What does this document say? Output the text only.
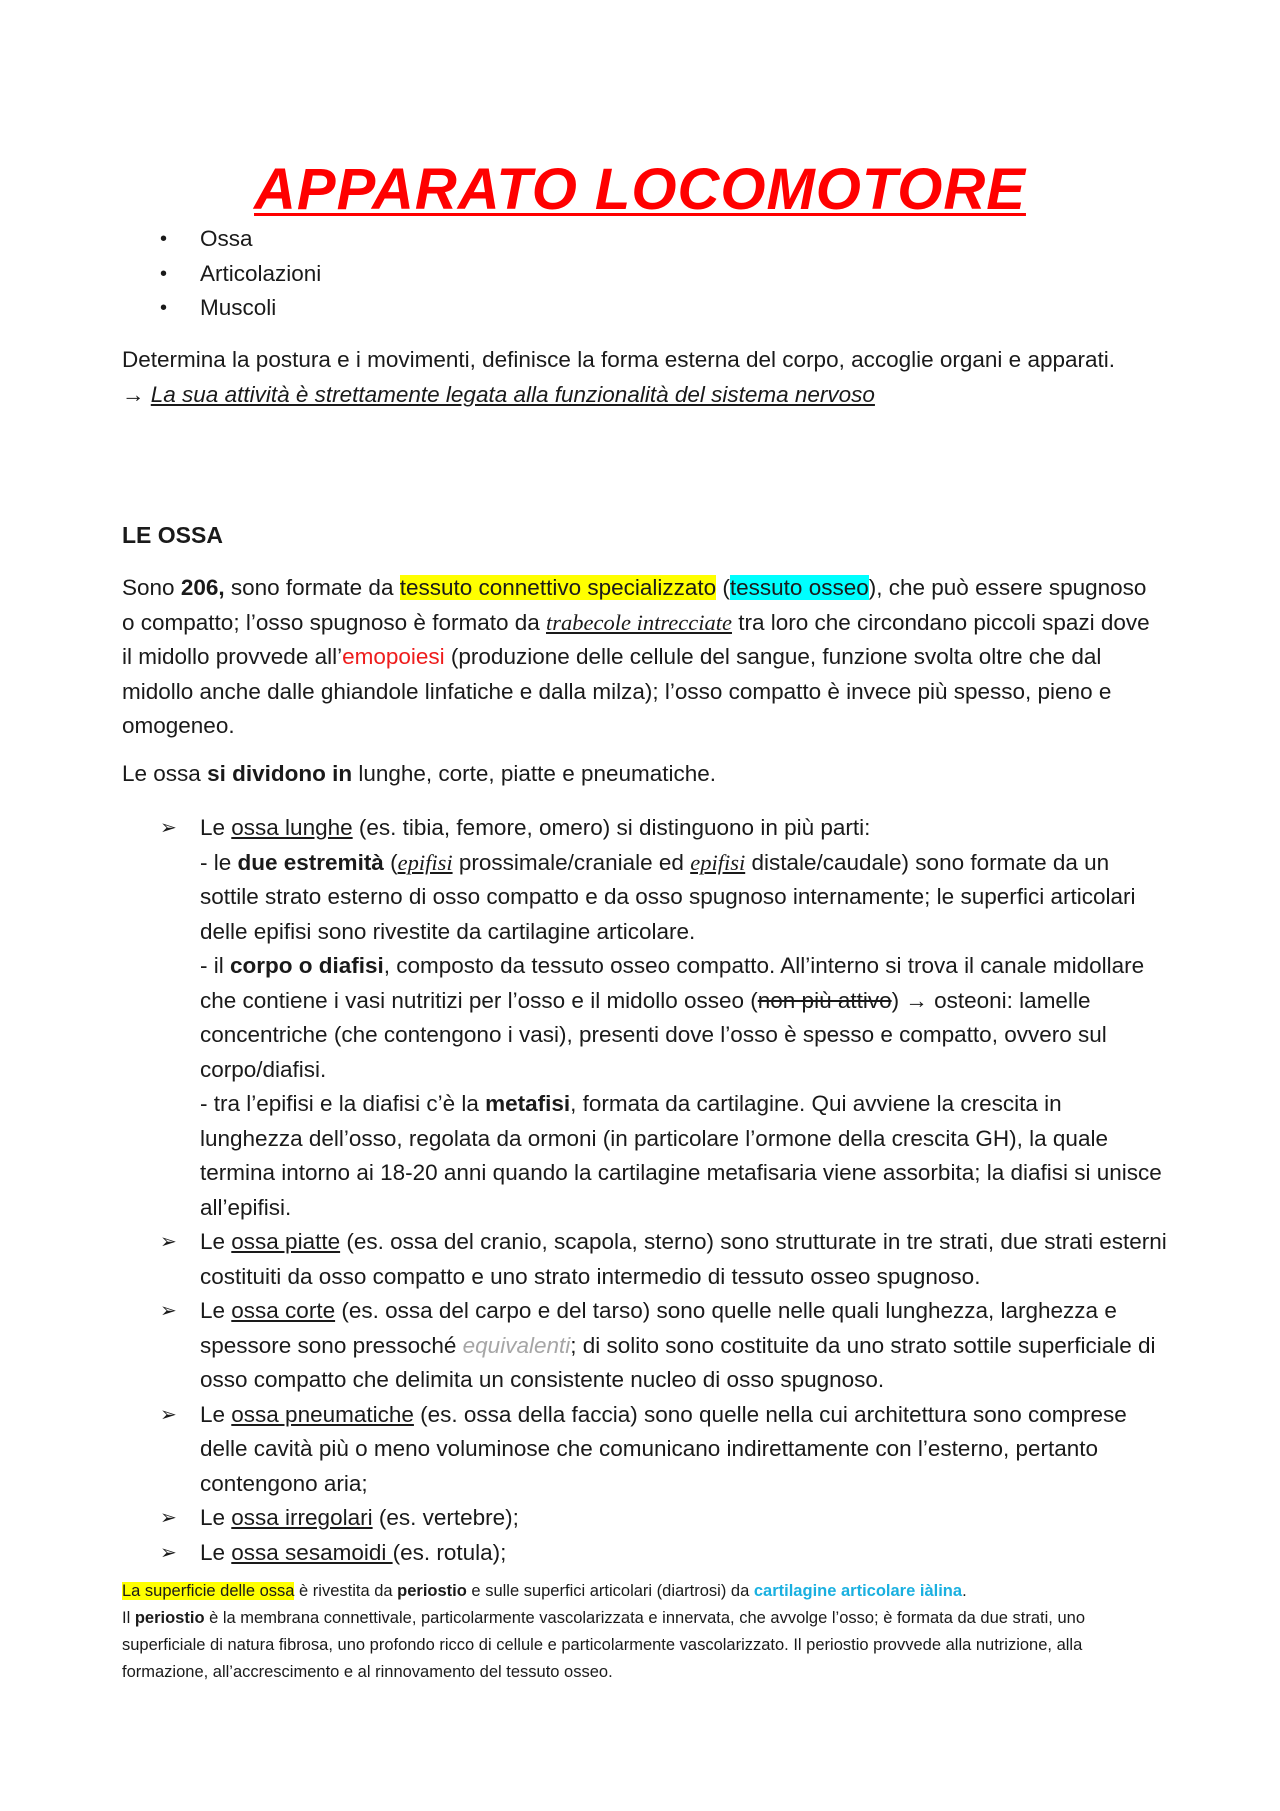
APPARATO LOCOMOTORE
•	Ossa
•	Articolazioni
•	Muscoli

Determina la postura e i movimenti, definisce la forma esterna del corpo, accoglie organi e apparati.

→ La sua attività è strettamente legata alla funzionalità del sistema nervoso

LE OSSA
Sono 206, sono formate da tessuto connettivo specializzato (tessuto osseo), che può essere spugnoso o compatto; l’osso spugnoso è formato da trabecole intrecciate tra loro che circondano piccoli spazi dove il midollo provvede all’emopoiesi (produzione delle cellule del sangue, funzione svolta oltre che dal midollo anche dalle ghiandole linfatiche e dalla milza); l’osso compatto è invece più spesso, pieno e omogeneo.
Le ossa si dividono in lunghe, corte, piatte e pneumatiche.
➢ Le ossa lunghe (es. tibia, femore, omero) si distinguono in più parti:
- le due estremità (epifisi prossimale/craniale ed epifisi distale/caudale) sono formate da un sottile strato esterno di osso compatto e da osso spugnoso internamente; le superfici articolari delle epifisi sono rivestite da cartilagine articolare.
- il corpo o diafisi, composto da tessuto osseo compatto. All’interno si trova il canale midollare che contiene i vasi nutritizi per l’osso e il midollo osseo (non più attivo) → osteoni: lamelle concentriche (che contengono i vasi), presenti dove l’osso è spesso e compatto, ovvero sul corpo/diafisi.
- tra l’epifisi e la diafisi c’è la metafisi, formata da cartilagine. Qui avviene la crescita in lunghezza dell’osso, regolata da ormoni (in particolare l’ormone della crescita GH), la quale termina intorno ai 18-20 anni quando la cartilagine metafisaria viene assorbita; la diafisi si unisce all’epifisi.
➢ Le ossa piatte (es. ossa del cranio, scapola, sterno) sono strutturate in tre strati, due strati esterni costituiti da osso compatto e uno strato intermedio di tessuto osseo spugnoso.
➢ Le ossa corte (es. ossa del carpo e del tarso) sono quelle nelle quali lunghezza, larghezza e spessore sono pressoché equivalenti; di solito sono costituite da uno strato sottile superficiale di osso compatto che delimita un consistente nucleo di osso spugnoso.
➢ Le ossa pneumatiche (es. ossa della faccia) sono quelle nella cui architettura sono comprese delle cavità più o meno voluminose che comunicano indirettamente con l’esterno, pertanto contengono aria;
➢ Le ossa irregolari (es. vertebre);
➢ Le ossa sesamoidi (es. rotula);

La superficie delle ossa è rivestita da periostio e sulle superfici articolari (diartrosi) da cartilagine articolare iàlina.

Il periostio è la membrana connettivale, particolarmente vascolarizzata e innervata, che avvolge l’osso; è formata da due strati, uno superficiale di natura fibrosa, uno profondo ricco di cellule e particolarmente vascolarizzato. Il periostio provvede alla nutrizione, alla formazione, all’accrescimento e al rinnovamento del tessuto osseo.
